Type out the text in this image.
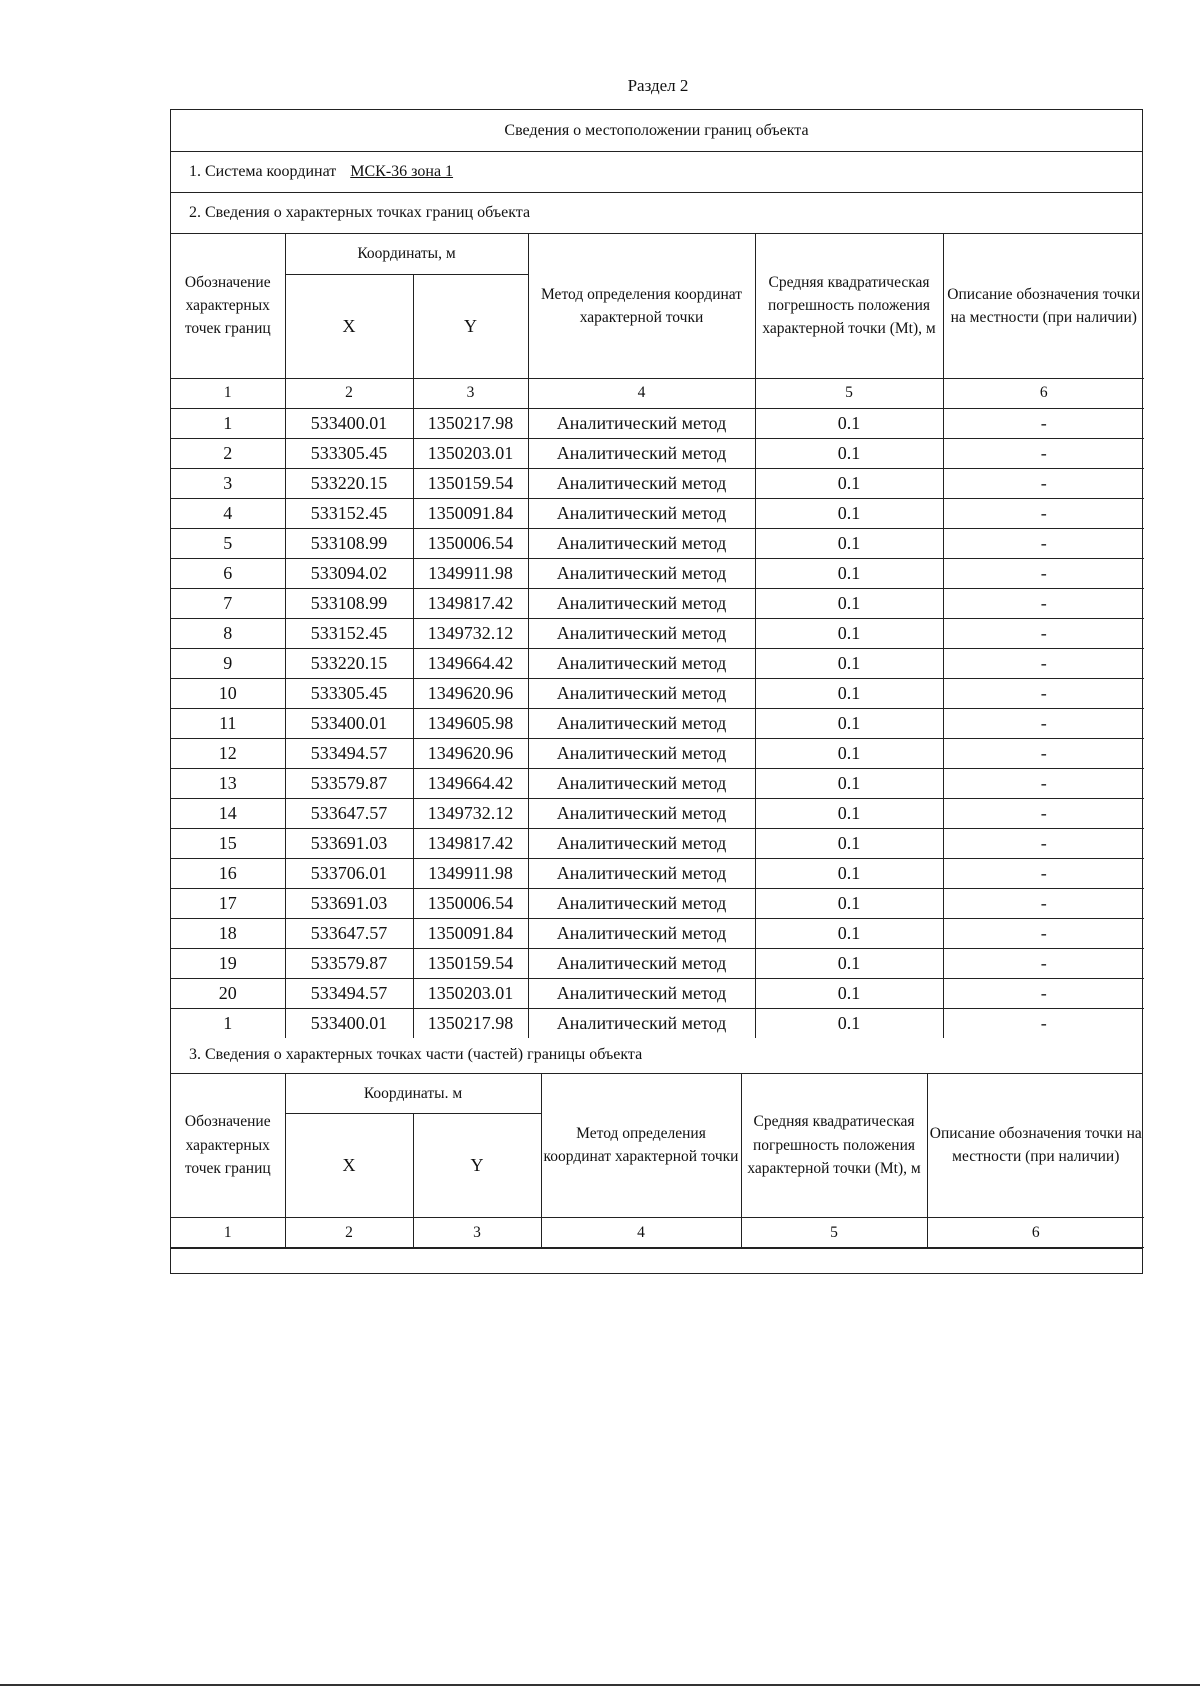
Раздел 2
Сведения о местоположении границ объекта
1. Система координат МСК-36 зона 1
2. Сведения о характерных точках границ объекта
Обозначение характерных точек границ	Координаты, м		Метод определения координат характерной точки	Средняя квадратическая погрешность положения характерной точки (Mt), м	Описание обозначения точки на местности (при наличии)
	X	Y			
1	2	3	4	5	6
1	533400.01	1350217.98	Аналитический метод	0.1	-
2	533305.45	1350203.01	Аналитический метод	0.1	-
3	533220.15	1350159.54	Аналитический метод	0.1	-
4	533152.45	1350091.84	Аналитический метод	0.1	-
5	533108.99	1350006.54	Аналитический метод	0.1	-
6	533094.02	1349911.98	Аналитический метод	0.1	-
7	533108.99	1349817.42	Аналитический метод	0.1	-
8	533152.45	1349732.12	Аналитический метод	0.1	-
9	533220.15	1349664.42	Аналитический метод	0.1	-
10	533305.45	1349620.96	Аналитический метод	0.1	-
11	533400.01	1349605.98	Аналитический метод	0.1	-
12	533494.57	1349620.96	Аналитический метод	0.1	-
13	533579.87	1349664.42	Аналитический метод	0.1	-
14	533647.57	1349732.12	Аналитический метод	0.1	-
15	533691.03	1349817.42	Аналитический метод	0.1	-
16	533706.01	1349911.98	Аналитический метод	0.1	-
17	533691.03	1350006.54	Аналитический метод	0.1	-
18	533647.57	1350091.84	Аналитический метод	0.1	-
19	533579.87	1350159.54	Аналитический метод	0.1	-
20	533494.57	1350203.01	Аналитический метод	0.1	-
1	533400.01	1350217.98	Аналитический метод	0.1	-
3. Сведения о характерных точках части (частей) границы объекта
Обозначение характерных точек границ	Координаты. м		Метод определения координат характерной точки	Средняя квадратическая погрешность положения характерной точки (Mt), м	Описание обозначения точки на местности (при наличии)
	X	Y			
1	2	3	4	5	6
